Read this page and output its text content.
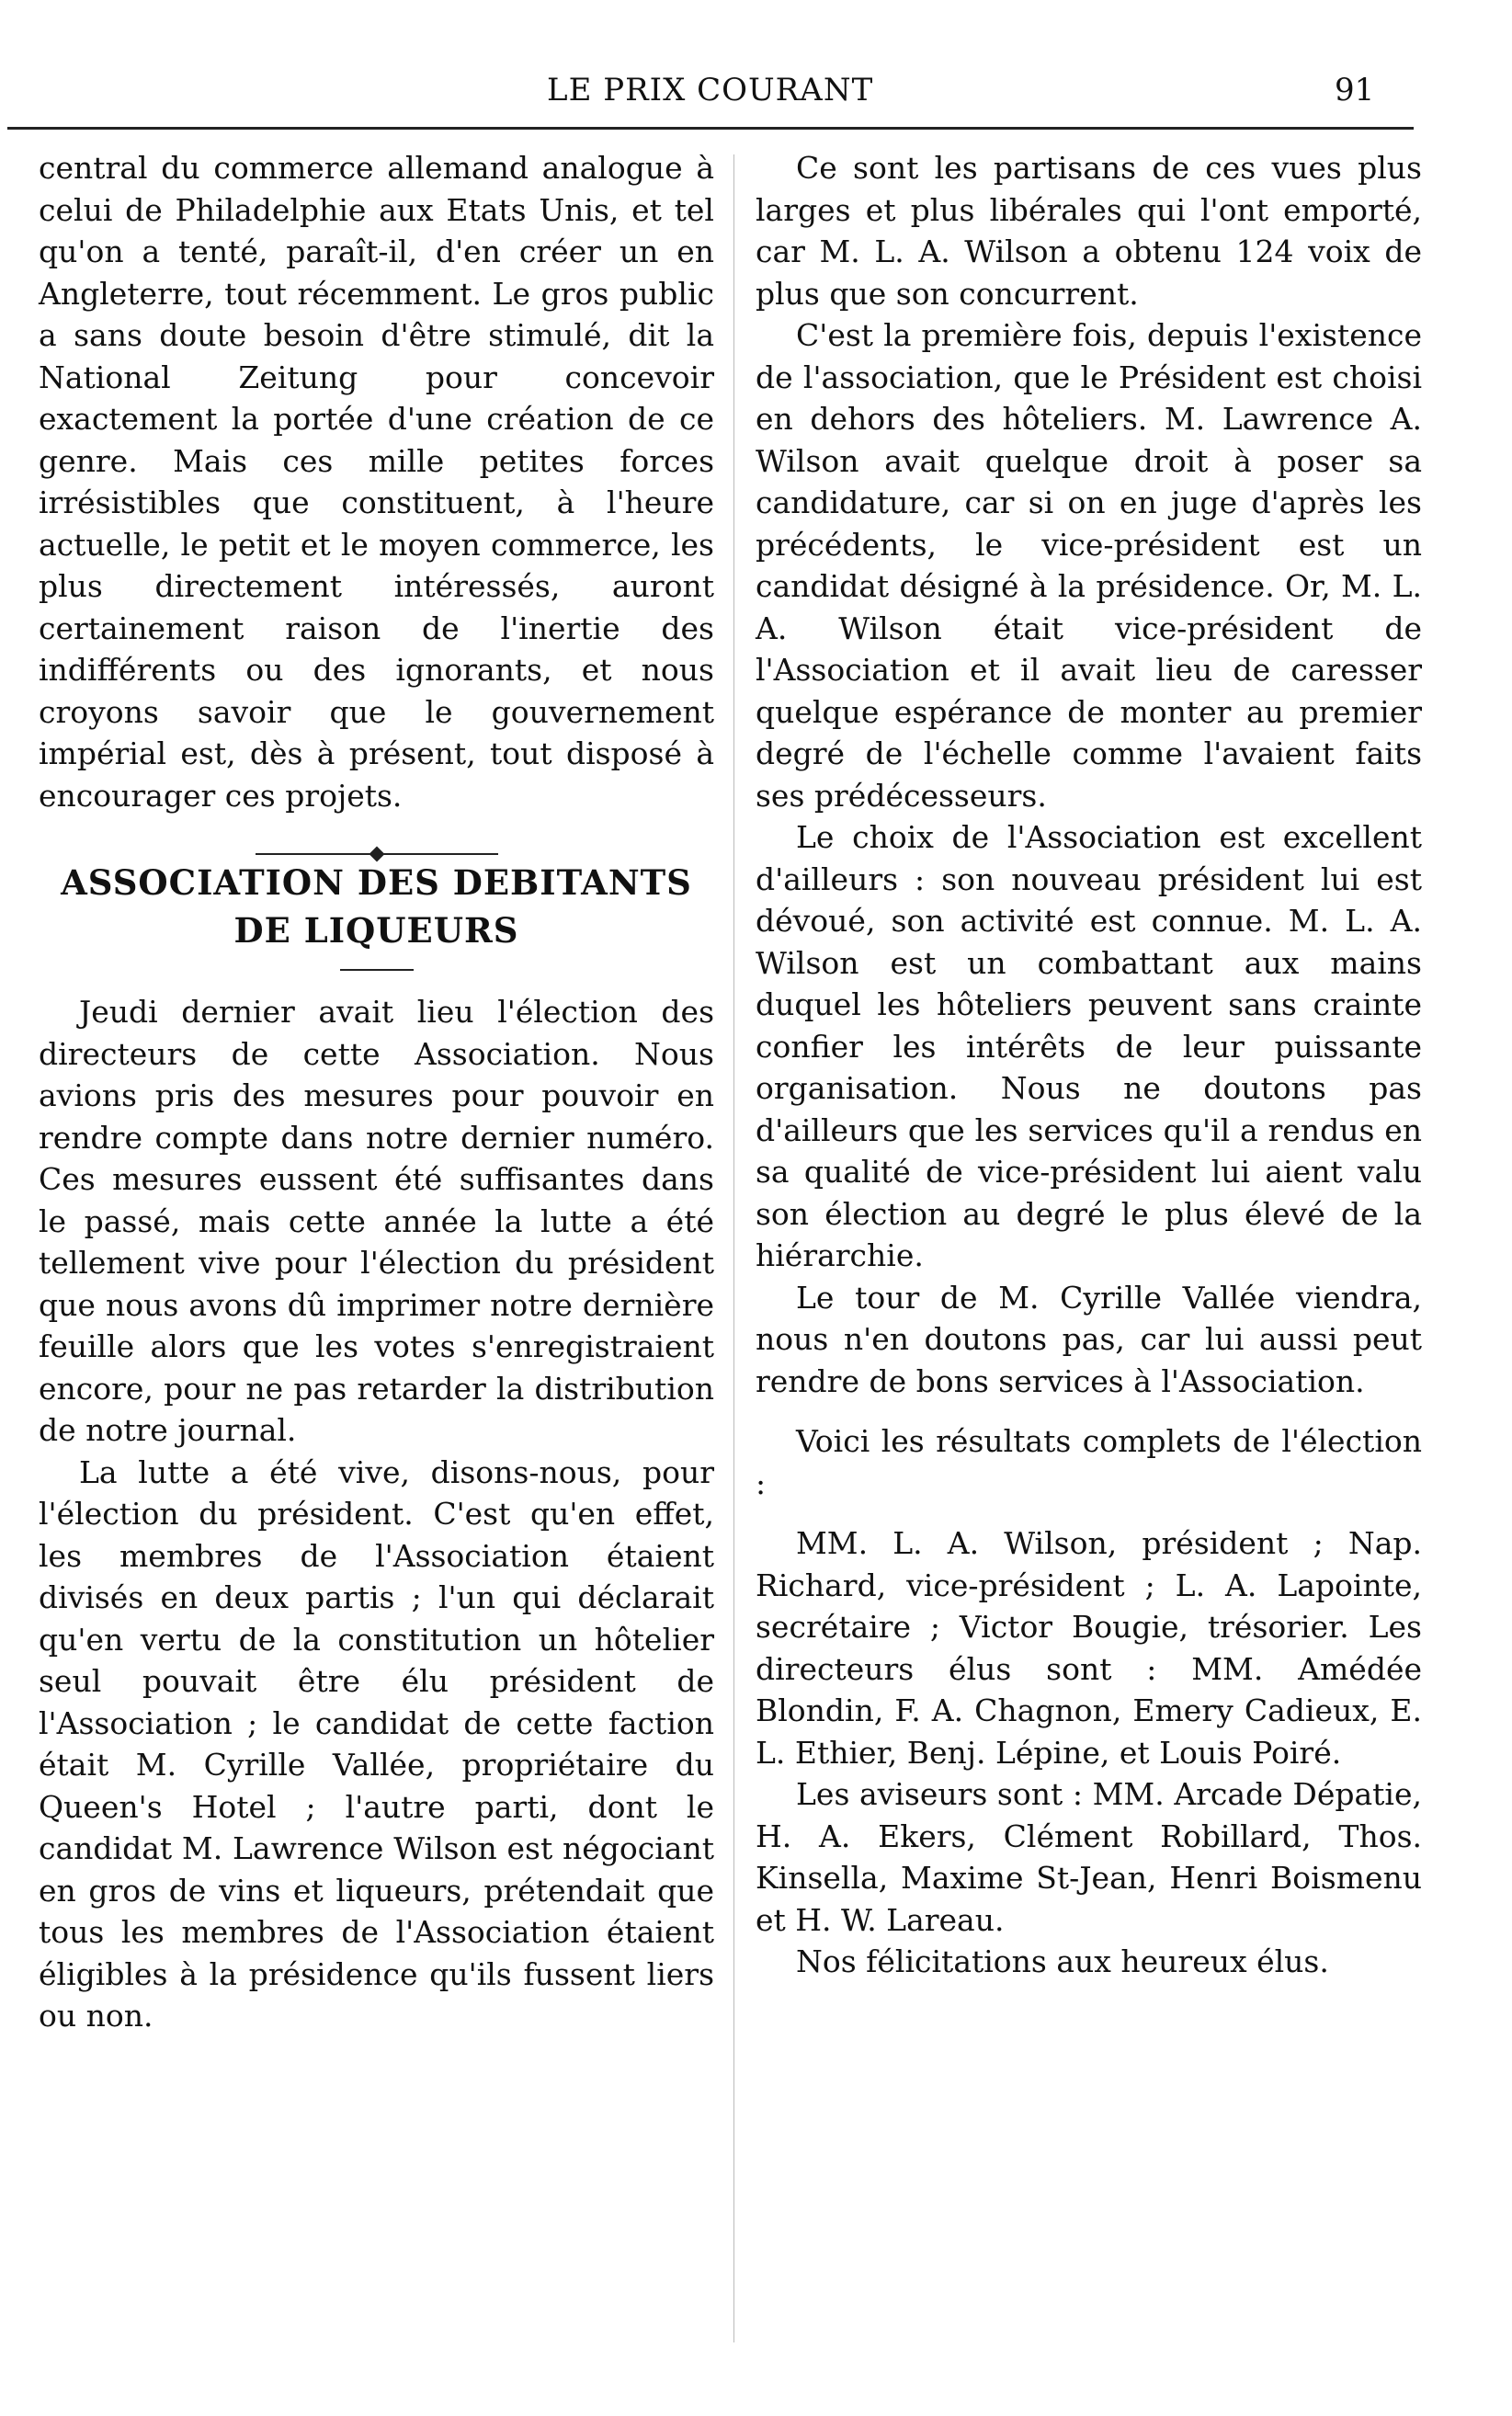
LE PRIX COURANT	91

central du commerce allemand analogue à celui de Philadelphie aux Etats Unis, et tel qu'on a tenté, paraît-il, d'en créer un en Angleterre, tout récemment. Le gros public a sans doute besoin d'être stimulé, dit la National Zeitung pour concevoir exactement la portée d'une création de ce genre. Mais ces mille petites forces irrésistibles que constituent, à l'heure actuelle, le petit et le moyen commerce, les plus directement intéressés, auront certainement raison de l'inertie des indifférents ou des ignorants, et nous croyons savoir que le gouvernement impérial est, dès à présent, tout disposé à encourager ces projets.

ASSOCIATION DES DEBITANTS
DE LIQUEURS

Jeudi dernier avait lieu l'élection des directeurs de cette Association. Nous avions pris des mesures pour pouvoir en rendre compte dans notre dernier numéro. Ces mesures eussent été suffisantes dans le passé, mais cette année la lutte a été tellement vive pour l'élection du président que nous avons dû imprimer notre dernière feuille alors que les votes s'enregistraient encore, pour ne pas retarder la distribution de notre journal.

La lutte a été vive, disons-nous, pour l'élection du président. C'est qu'en effet, les membres de l'Association étaient divisés en deux partis ; l'un qui déclarait qu'en vertu de la constitution un hôtelier seul pouvait être élu président de l'Association ; le candidat de cette faction était M. Cyrille Vallée, propriétaire du Queen's Hotel ; l'autre parti, dont le candidat M. Lawrence Wilson est négociant en gros de vins et liqueurs, prétendait que tous les membres de l'Association étaient éligibles à la présidence qu'ils fussent liers ou non.

Ce sont les partisans de ces vues plus larges et plus libérales qui l'ont emporté, car M. L. A. Wilson a obtenu 124 voix de plus que son concurrent.

C'est la première fois, depuis l'existence de l'association, que le Président est choisi en dehors des hôteliers. M. Lawrence A. Wilson avait quelque droit à poser sa candidature, car si on en juge d'après les précédents, le vice-président est un candidat désigné à la présidence. Or, M. L. A. Wilson était vice-président de l'Association et il avait lieu de caresser quelque espérance de monter au premier degré de l'échelle comme l'avaient faits ses prédécesseurs.

Le choix de l'Association est excellent d'ailleurs : son nouveau président lui est dévoué, son activité est connue. M. L. A. Wilson est un combattant aux mains duquel les hôteliers peuvent sans crainte confier les intérêts de leur puissante organisation. Nous ne doutons pas d'ailleurs que les services qu'il a rendus en sa qualité de vice-président lui aient valu son élection au degré le plus élevé de la hiérarchie.

Le tour de M. Cyrille Vallée viendra, nous n'en doutons pas, car lui aussi peut rendre de bons services à l'Association.

Voici les résultats complets de l'élection :

MM. L. A. Wilson, président ; Nap. Richard, vice-président ; L. A. Lapointe, secrétaire ; Victor Bougie, trésorier. Les directeurs élus sont : MM. Amédée Blondin, F. A. Chagnon, Emery Cadieux, E. L. Ethier, Benj. Lépine, et Louis Poiré.

Les aviseurs sont : MM. Arcade Dépatie, H. A. Ekers, Clément Robillard, Thos. Kinsella, Maxime St-Jean, Henri Boismenu et H. W. Lareau.

Nos félicitations aux heureux élus.
